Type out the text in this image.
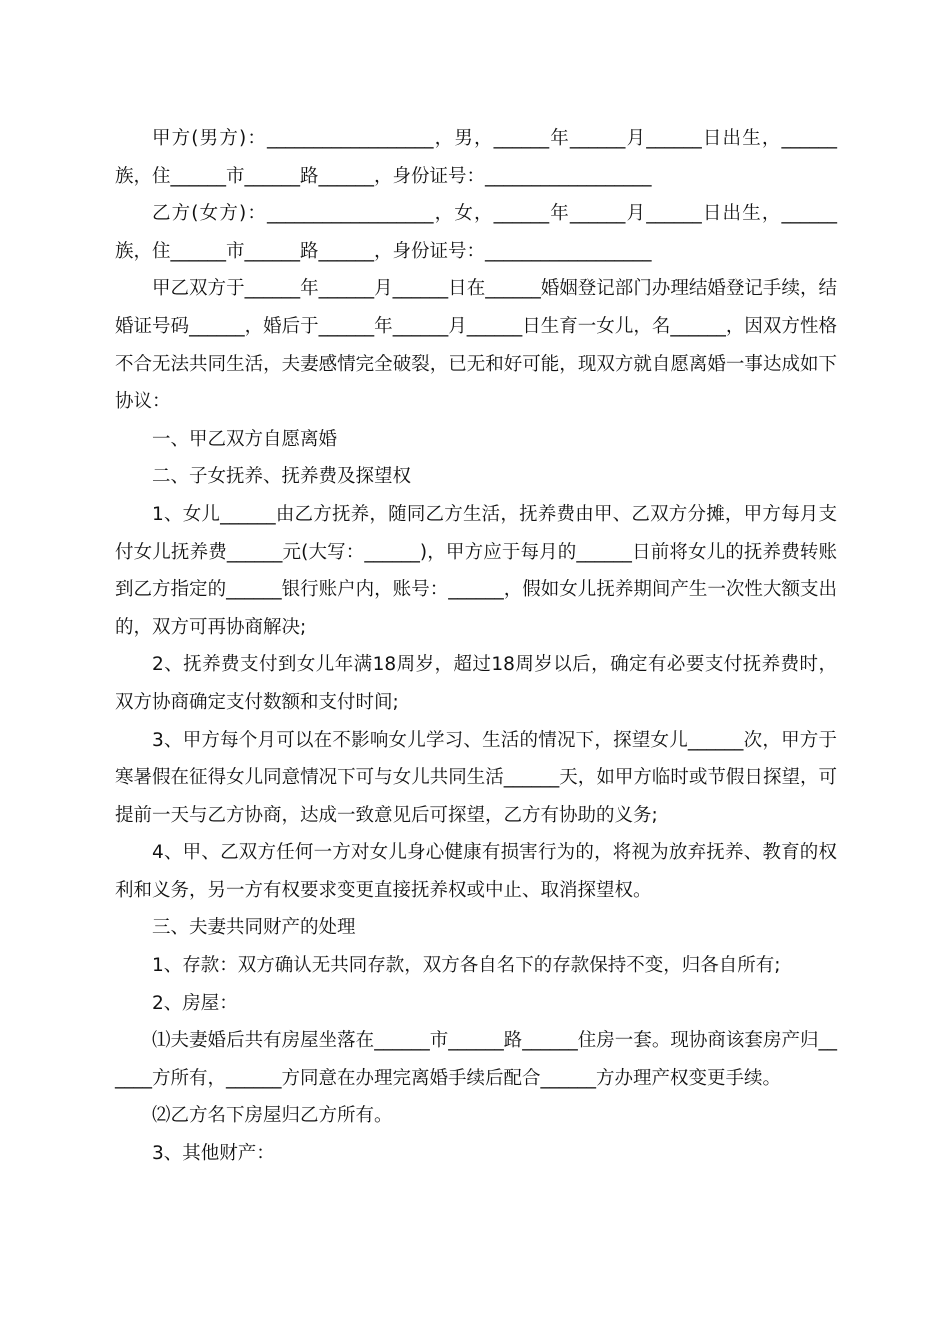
甲方(男方)：__________________，男，______年______月______日出生，______族，住______市______路______，身份证号：__________________

乙方(女方)：__________________，女，______年______月______日出生，______族，住______市______路______，身份证号：__________________

甲乙双方于______年______月______日在______婚姻登记部门办理结婚登记手续，结婚证号码______，婚后于______年______月______日生育一女儿，名______，因双方性格不合无法共同生活，夫妻感情完全破裂，已无和好可能，现双方就自愿离婚一事达成如下协议：

一、甲乙双方自愿离婚

二、子女抚养、抚养费及探望权

1、女儿______由乙方抚养，随同乙方生活，抚养费由甲、乙双方分摊，甲方每月支付女儿抚养费______元(大写：______)，甲方应于每月的______日前将女儿的抚养费转账到乙方指定的______银行账户内，账号：______，假如女儿抚养期间产生一次性大额支出的，双方可再协商解决;

2、抚养费支付到女儿年满18周岁，超过18周岁以后，确定有必要支付抚养费时，双方协商确定支付数额和支付时间;

3、甲方每个月可以在不影响女儿学习、生活的情况下，探望女儿______次，甲方于寒暑假在征得女儿同意情况下可与女儿共同生活______天，如甲方临时或节假日探望，可提前一天与乙方协商，达成一致意见后可探望，乙方有协助的义务;

4、甲、乙双方任何一方对女儿身心健康有损害行为的，将视为放弃抚养、教育的权利和义务，另一方有权要求变更直接抚养权或中止、取消探望权。

三、夫妻共同财产的处理

1、存款：双方确认无共同存款，双方各自名下的存款保持不变，归各自所有;

2、房屋：

⑴夫妻婚后共有房屋坐落在______市______路______住房一套。现协商该套房产归______方所有，______方同意在办理完离婚手续后配合______方办理产权变更手续。

⑵乙方名下房屋归乙方所有。

3、其他财产：
